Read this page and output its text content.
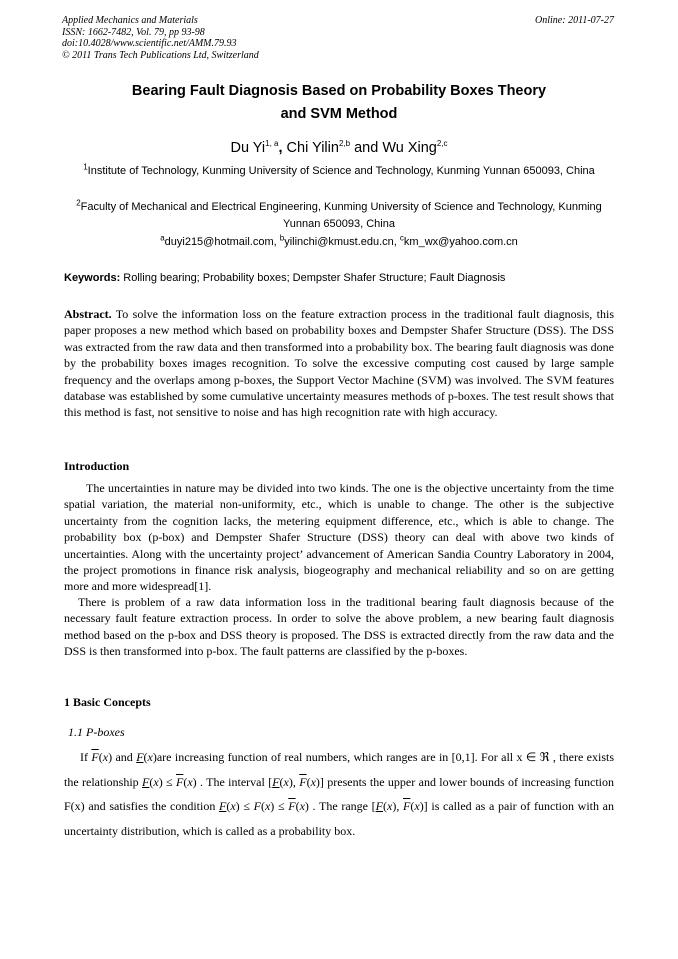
Applied Mechanics and Materials
ISSN: 1662-7482, Vol. 79, pp 93-98
doi:10.4028/www.scientific.net/AMM.79.93
© 2011 Trans Tech Publications Ltd, Switzerland
Online: 2011-07-27
Bearing Fault Diagnosis Based on Probability Boxes Theory
and SVM Method
Du Yi$^{1, a}$, Chi Yilin$^{2,b}$ and Wu Xing$^{2,c}$
$^1$Institute of Technology, Kunming University of Science and Technology, Kunming Yunnan 650093, China
$^2$Faculty of Mechanical and Electrical Engineering, Kunming University of Science and Technology, Kunming Yunnan 650093, China
$^a$duyi215@hotmail.com, $^b$yilinchi@kmust.edu.cn, $^c$km_wx@yahoo.com.cn
Keywords: Rolling bearing; Probability boxes; Dempster Shafer Structure; Fault Diagnosis
Abstract. To solve the information loss on the feature extraction process in the traditional fault diagnosis, this paper proposes a new method which based on probability boxes and Dempster Shafer Structure (DSS). The DSS was extracted from the raw data and then transformed into a probability box. The bearing fault diagnosis was done by the probability boxes images recognition. To solve the excessive computing cost caused by large sample frequency and the overlaps among p-boxes, the Support Vector Machine (SVM) was involved. The SVM features database was established by some cumulative uncertainty measures methods of p-boxes. The test result shows that this method is fast, not sensitive to noise and has high recognition rate with high accuracy.
Introduction
The uncertainties in nature may be divided into two kinds. The one is the objective uncertainty from the time spatial variation, the material non-uniformity, etc., which is unable to change. The other is the subjective uncertainty from the cognition lacks, the metering equipment difference, etc., which is able to change. The probability box (p-box) and Dempster Shafer Structure (DSS) theory can deal with above two kinds of uncertainties. Along with the uncertainty project’ advancement of American Sandia Country Laboratory in 2004, the project promotions in finance risk analysis, biogeography and mechanical reliability and so on are getting more and more widespread[1].
There is problem of a raw data information loss in the traditional bearing fault diagnosis because of the necessary fault feature extraction process. In order to solve the above problem, a new bearing fault diagnosis method based on the p-box and DSS theory is proposed. The DSS is extracted directly from the raw data and the DSS is then transformed into p-box. The fault patterns are classified by the p-boxes.
1 Basic Concepts
1.1 P-boxes
If $\overline{F}(x)$ and F(x)are increasing function of real numbers, which ranges are in [0,1]. For all x ∈ ℜ , there exists the relationship $F(x) \le \overline{F}(x)$ . The interval [F(x), $\overline{F}(x)$] presents the upper and lower bounds of increasing function F(x) and satisfies the condition $F(x) \le F(x) \le \overline{F}(x)$ . The range [F(x), $\overline{F}(x)$] is called as a pair of function with an uncertainty distribution, which is called as a probability box.
